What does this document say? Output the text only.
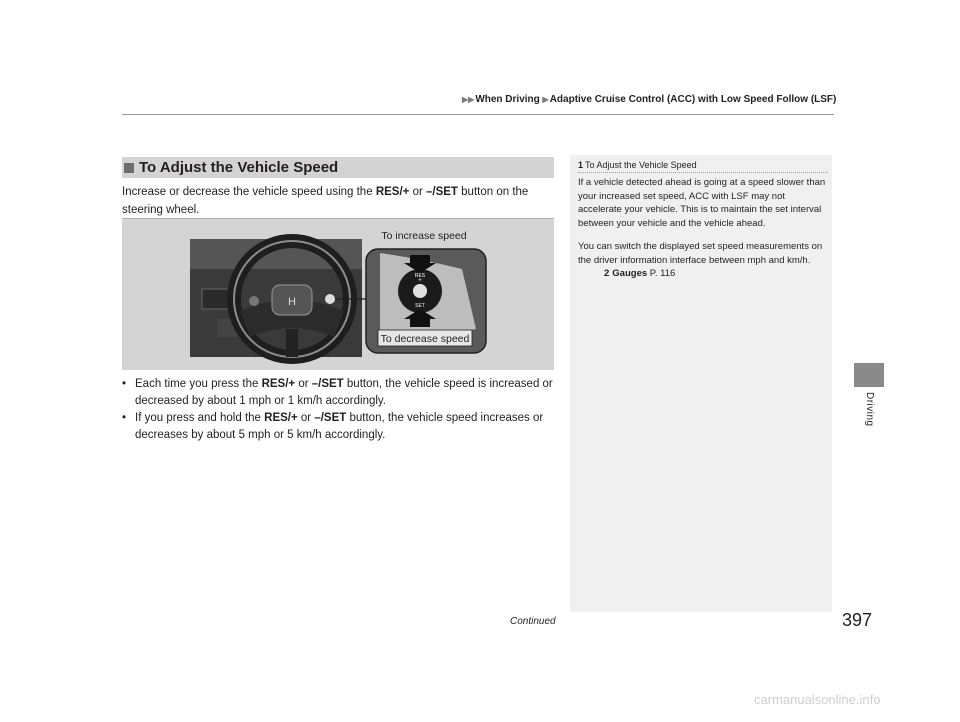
▶▶When Driving ▶Adaptive Cruise Control (ACC) with Low Speed Follow (LSF)
To Adjust the Vehicle Speed
Increase or decrease the vehicle speed using the RES/+ or –/SET button on the steering wheel.
H
RES
+
SET
To increase speed
To decrease speed
• Each time you press the RES/+ or –/SET button, the vehicle speed is increased or decreased by about 1 mph or 1 km/h accordingly.
• If you press and hold the RES/+ or –/SET button, the vehicle speed increases or decreases by about 5 mph or 5 km/h accordingly.
1 To Adjust the Vehicle Speed

If a vehicle detected ahead is going at a speed slower than your increased set speed, ACC with LSF may not accelerate your vehicle. This is to maintain the set interval between your vehicle and the vehicle ahead.

You can switch the displayed set speed measurements on the driver information interface between mph and km/h.

2 Gauges P. 116
Driving
Continued	397
carmanualsonline.info
